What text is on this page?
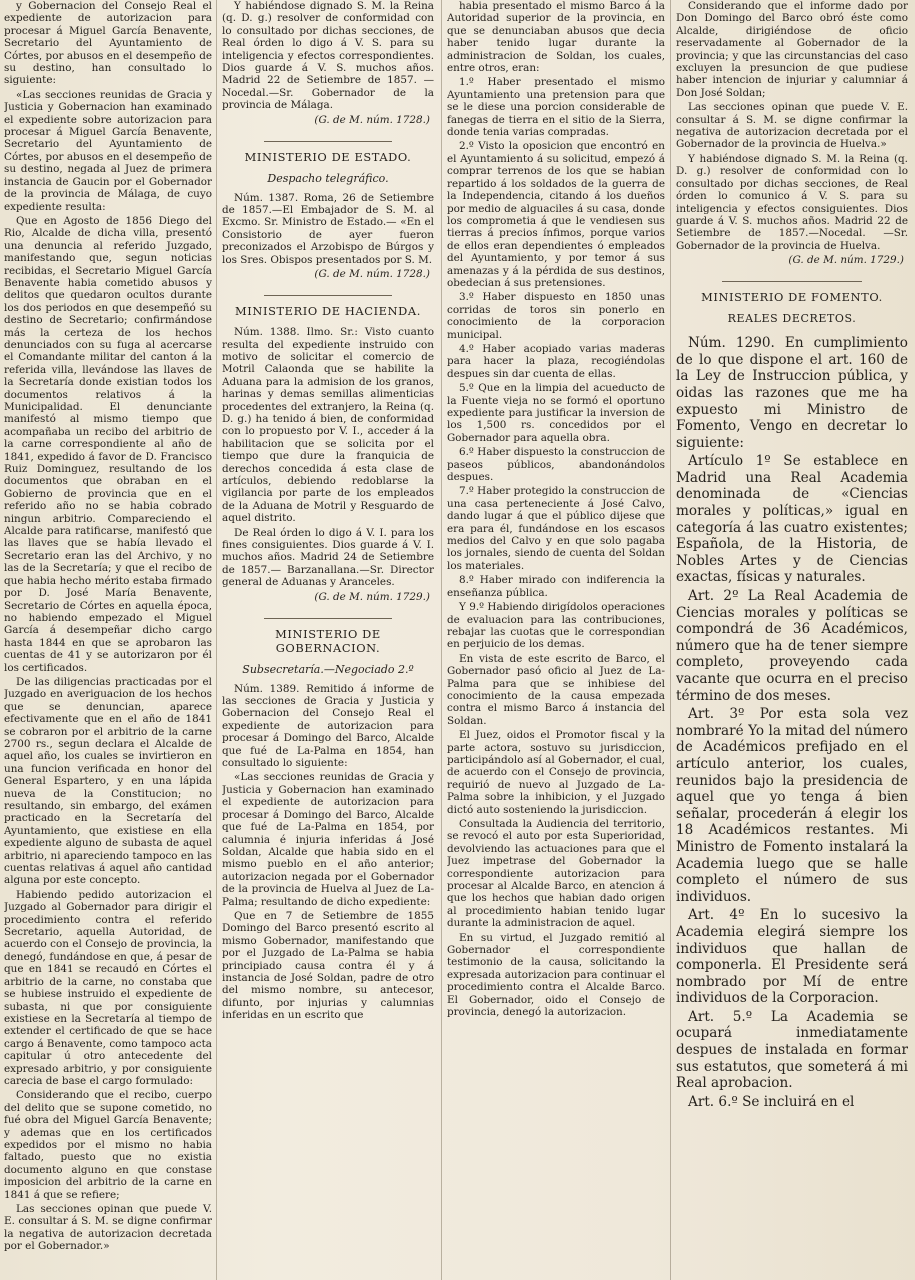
y Gobernacion del Consejo Real el expediente de autorizacion para procesar á Miguel García Benavente, Secretario del Ayuntamiento de Córtes, por abusos en el desempeño de su destino, han consultado lo siguiente:

«Las secciones reunidas de Gracia y Justicia y Gobernacion han examinado el expediente sobre autorizacion para procesar á Miguel García Benavente, Secretario del Ayuntamiento de Córtes, por abusos en el desempeño de su destino, negada al Juez de primera instancia de Gaucin por el Gobernador de la provincia de Málaga, de cuyo expediente resulta:

Que en Agosto de 1856 Diego del Rio, Alcalde de dicha villa, presentó una denuncia al referido Juzgado, manifestando que, segun noticias recibidas, el Secretario Miguel García Benavente habia cometido abusos y delitos que quedaron ocultos durante los dos periodos en que desempeñó su destino de Secretario; confirmándose más la certeza de los hechos denunciados con su fuga al acercarse el Comandante militar del canton á la referida villa, llevándose las llaves de la Secretaría donde existian todos los documentos relativos á la Municipalidad. El denunciante manifestó al mismo tiempo que acompañaba un recibo del arbitrio de la carne correspondiente al año de 1841, expedido á favor de D. Francisco Ruiz Dominguez, resultando de los documentos que obraban en el Gobierno de provincia que en el referido año no se habia cobrado ningun arbitrio. Compareciendo el Alcalde para ratificarse, manifestó que las llaves que se había llevado el Secretario eran las del Archivo, y no las de la Secretaría; y que el recibo de que habia hecho mérito estaba firmado por D. José María Benavente, Secretario de Córtes en aquella época, no habiendo empezado el Miguel García á desempeñar dicho cargo hasta 1844 en que se aprobaron las cuentas de 41 y se autorizaron por él los certificados.

De las diligencias practicadas por el Juzgado en averiguacion de los hechos que se denuncian, aparece efectivamente que en el año de 1841 se cobraron por el arbitrio de la carne 2700 rs., segun declara el Alcalde de aquel año, los cuales se invirtieron en una funcion verificada en honor del General Espartero, y en una lápida nueva de la Constitucion; no resultando, sin embargo, del exámen practicado en la Secretaría del Ayuntamiento, que existiese en ella expediente alguno de subasta de aquel arbitrio, ni apareciendo tampoco en las cuentas relativas á aquel año cantidad alguna por este concepto.

Habiendo pedido autorizacion el Juzgado al Gobernador para dirigir el procedimiento contra el referido Secretario, aquella Autoridad, de acuerdo con el Consejo de provincia, la denegó, fundándose en que, á pesar de que en 1841 se recaudó en Córtes el arbitrio de la carne, no constaba que se hubiese instruido el expediente de subasta, ni que por consiguiente existiese en la Secretaría al tiempo de extender el certificado de que se hace cargo á Benavente, como tampoco acta capitular ú otro antecedente del expresado arbitrio, y por consiguiente carecia de base el cargo formulado:

Considerando que el recibo, cuerpo del delito que se supone cometido, no fué obra del Miguel García Benavente; y ademas que en los certificados expedidos por el mismo no habia faltado, puesto que no existia documento alguno en que constase imposicion del arbitrio de la carne en 1841 á que se refiere;

Las secciones opinan que puede V. E. consultar á S. M. se digne confirmar la negativa de autorizacion decretada por el Gobernador.»

Y habiéndose dignado S. M. la Reina (q. D. g.) resolver de conformidad con lo consultado por dichas secciones, de Real órden lo digo á V. S. para su inteligencia y efectos correspondientes. Dios guarde á V. S. muchos años. Madrid 22 de Setiembre de 1857. —Nocedal.—Sr. Gobernador de la provincia de Málaga.

(G. de M. núm. 1728.)
MINISTERIO DE ESTADO.
Despacho telegráfico.

Núm. 1387. Roma, 26 de Setiembre de 1857.—El Embajador de S. M. al Excmo. Sr. Ministro de Estado.— «En el Consistorio de ayer fueron preconizados el Arzobispo de Búrgos y los Sres. Obispos presentados por S. M.

(G. de M. núm. 1728.)
MINISTERIO DE HACIENDA.

Núm. 1388. Ilmo. Sr.: Visto cuanto resulta del expediente instruido con motivo de solicitar el comercio de Motril Calaonda que se habilite la Aduana para la admision de los granos, harinas y demas semillas alimenticias procedentes del extranjero, la Reina (q. D. g.) ha tenido á bien, de conformidad con lo propuesto por V. I., acceder á la habilitacion que se solicita por el tiempo que dure la franquicia de derechos concedida á esta clase de artículos, debiendo redoblarse la vigilancia por parte de los empleados de la Aduana de Motril y Resguardo de aquel distrito.

De Real órden lo digo á V. I. para los fines consiguientes. Dios guarde á V. I. muchos años. Madrid 24 de Setiembre de 1857.— Barzanallana.—Sr. Director general de Aduanas y Aranceles.

(G. de M. núm. 1729.)
MINISTERIO DE GOBERNACION.
Subsecretaría.—Negociado 2.º

Núm. 1389. Remitido á informe de las secciones de Gracia y Justicia y Gobernacion del Consejo Real el expediente de autorizacion para procesar á Domingo del Barco, Alcalde que fué de La-Palma en 1854, han consultado lo siguiente:

«Las secciones reunidas de Gracia y Justicia y Gobernacion han examinado el expediente de autorizacion para procesar á Domingo del Barco, Alcalde que fué de La-Palma en 1854, por calumnia é injuria inferidas á José Soldan, Alcalde que habia sido en el mismo pueblo en el año anterior; autorizacion negada por el Gobernador de la provincia de Huelva al Juez de La-Palma; resultando de dicho expediente:

Que en 7 de Setiembre de 1855 Domingo del Barco presentó escrito al mismo Gobernador, manifestando que por el Juzgado de La-Palma se habia principiado causa contra él y á instancia de José Soldan, padre de otro del mismo nombre, su antecesor, difunto, por injurias y calumnias inferidas en un escrito que

habia presentado el mismo Barco á la Autoridad superior de la provincia, en que se denunciaban abusos que decia haber tenido lugar durante la administracion de Soldan, los cuales, entre otros, eran:

1.º Haber presentado el mismo Ayuntamiento una pretension para que se le diese una porcion considerable de fanegas de tierra en el sitio de la Sierra, donde tenia varias compradas.

2.º Visto la oposicion que encontró en el Ayuntamiento á su solicitud, empezó á comprar terrenos de los que se habian repartido á los soldados de la guerra de la Independencia, citando á los dueños por medio de alguaciles á su casa, donde los comprometia á que le vendiesen sus tierras á precios ínfimos, porque varios de ellos eran dependientes ó empleados del Ayuntamiento, y por temor á sus amenazas y á la pérdida de sus destinos, obedecian á sus pretensiones.

3.º Haber dispuesto en 1850 unas corridas de toros sin ponerlo en conocimiento de la corporacion municipal.

4.º Haber acopiado varias maderas para hacer la plaza, recogiéndolas despues sin dar cuenta de ellas.

5.º Que en la limpia del acueducto de la Fuente vieja no se formó el oportuno expediente para justificar la inversion de los 1,500 rs. concedidos por el Gobernador para aquella obra.

6.º Haber dispuesto la construccion de paseos públicos, abandonándolos despues.

7.º Haber protegido la construccion de una casa perteneciente á José Calvo, dando lugar á que el público dijese que era para él, fundándose en los escasos medios del Calvo y en que solo pagaba los jornales, siendo de cuenta del Soldan los materiales.

8.º Haber mirado con indiferencia la enseñanza pública.

Y 9.º Habiendo dirigídolos operaciones de evaluacion para las contribuciones, rebajar las cuotas que le correspondian en perjuicio de los demas.

En vista de este escrito de Barco, el Gobernador pasó oficio al Juez de La-Palma para que se inhibiese del conocimiento de la causa empezada contra el mismo Barco á instancia del Soldan.

El Juez, oidos el Promotor fiscal y la parte actora, sostuvo su jurisdiccion, participándolo así al Gobernador, el cual, de acuerdo con el Consejo de provincia, requirió de nuevo al Juzgado de La-Palma sobre la inhibicion, y el Juzgado dictó auto sosteniendo la jurisdiccion.

Consultada la Audiencia del territorio, se revocó el auto por esta Superioridad, devolviendo las actuaciones para que el Juez impetrase del Gobernador la correspondiente autorizacion para procesar al Alcalde Barco, en atencion á que los hechos que habian dado origen al procedimiento habian tenido lugar durante la administracion de aquel.

En su virtud, el Juzgado remitió al Gobernador el correspondiente testimonio de la causa, solicitando la expresada autorizacion para continuar el procedimiento contra el Alcalde Barco. El Gobernador, oido el Consejo de provincia, denegó la autorizacion.

Considerando que el informe dado por Don Domingo del Barco obró éste como Alcalde, dirigiéndose de oficio reservadamente al Gobernador de la provincia; y que las circunstancias del caso excluyen la presuncion de que pudiese haber intencion de injuriar y calumniar á Don José Soldan;

Las secciones opinan que puede V. E. consultar á S. M. se digne confirmar la negativa de autorizacion decretada por el Gobernador de la provincia de Huelva.»

Y habiéndose dignado S. M. la Reina (q. D. g.) resolver de conformidad con lo consultado por dichas secciones, de Real órden lo comunico á V. S. para su inteligencia y efectos consiguientes. Dios guarde á V. S. muchos años. Madrid 22 de Setiembre de 1857.—Nocedal. —Sr. Gobernador de la provincia de Huelva.

(G. de M. núm. 1729.)
MINISTERIO DE FOMENTO.
REALES DECRETOS.

Núm. 1290. En cumplimiento de lo que dispone el art. 160 de la Ley de Instruccion pública, y oidas las razones que me ha expuesto mi Ministro de Fomento, Vengo en decretar lo siguiente:

Artículo 1º Se establece en Madrid una Real Academia denominada de «Ciencias morales y políticas,» igual en categoría á las cuatro existentes; Española, de la Historia, de Nobles Artes y de Ciencias exactas, físicas y naturales.

Art. 2º La Real Academia de Ciencias morales y políticas se compondrá de 36 Académicos, número que ha de tener siempre completo, proveyendo cada vacante que ocurra en el preciso término de dos meses.

Art. 3º Por esta sola vez nombraré Yo la mitad del número de Académicos prefijado en el artículo anterior, los cuales, reunidos bajo la presidencia de aquel que yo tenga á bien señalar, procederán á elegir los 18 Académicos restantes. Mi Ministro de Fomento instalará la Academia luego que se halle completo el número de sus individuos.

Art. 4º En lo sucesivo la Academia elegirá siempre los individuos que hallan de componerla. El Presidente será nombrado por Mí de entre individuos de la Corporacion.

Art. 5.º La Academia se ocupará inmediatamente despues de instalada en formar sus estatutos, que someterá á mi Real aprobacion.

Art. 6.º Se incluirá en el
